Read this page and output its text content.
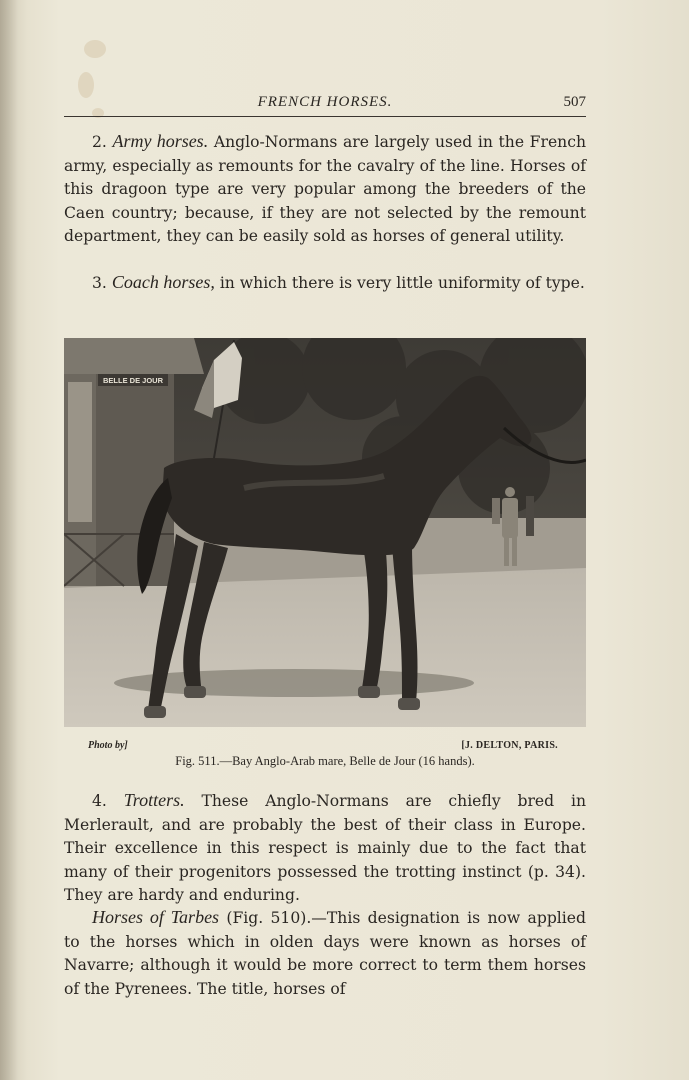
FRENCH HORSES.	507

2. Army horses. Anglo-Normans are largely used in the French army, especially as remounts for the cavalry of the line. Horses of this dragoon type are very popular among the breeders of the Caen country; because, if they are not selected by the remount department, they can be easily sold as horses of general utility.

3. Coach horses, in which there is very little uniformity of type.

BELLE DE JOUR
Photo by]	[J. DELTON, PARIS.
Fig. 511.—Bay Anglo-Arab mare, Belle de Jour (16 hands).

4. Trotters. These Anglo-Normans are chiefly bred in Merlerault, and are probably the best of their class in Europe. Their excellence in this respect is mainly due to the fact that many of their progenitors possessed the trotting instinct (p. 34). They are hardy and enduring.

Horses of Tarbes (Fig. 510).—This designation is now applied to the horses which in olden days were known as horses of Navarre; although it would be more correct to term them horses of the Pyrenees. The title, horses of
